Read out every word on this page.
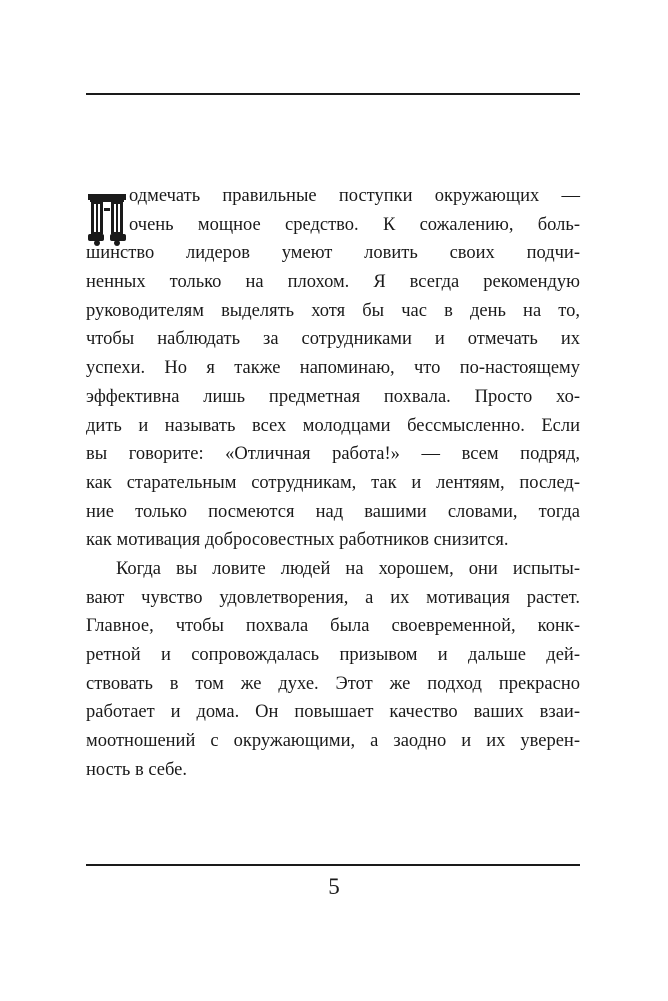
одмечать правильные поступки окружающих —
очень мощное средство. К сожалению, боль-
шинство лидеров умеют ловить своих подчи-
ненных только на плохом. Я всегда рекомендую
руководителям выделять хотя бы час в день на то,
чтобы наблюдать за сотрудниками и отмечать их
успехи. Но я также напоминаю, что по-настоящему
эффективна лишь предметная похвала. Просто хо-
дить и называть всех молодцами бессмысленно. Если
вы говорите: «Отличная работа!» — всем подряд,
как старательным сотрудникам, так и лентяям, послед-
ние только посмеются над вашими словами, тогда
как мотивация добросовестных работников снизится.
Когда вы ловите людей на хорошем, они испыты-
вают чувство удовлетворения, а их мотивация растет.
Главное, чтобы похвала была своевременной, конк-
ретной и сопровождалась призывом и дальше дей-
ствовать в том же духе. Этот же подход прекрасно
работает и дома. Он повышает качество ваших взаи-
моотношений с окружающими, а заодно и их уверен-
ность в себе.
5
